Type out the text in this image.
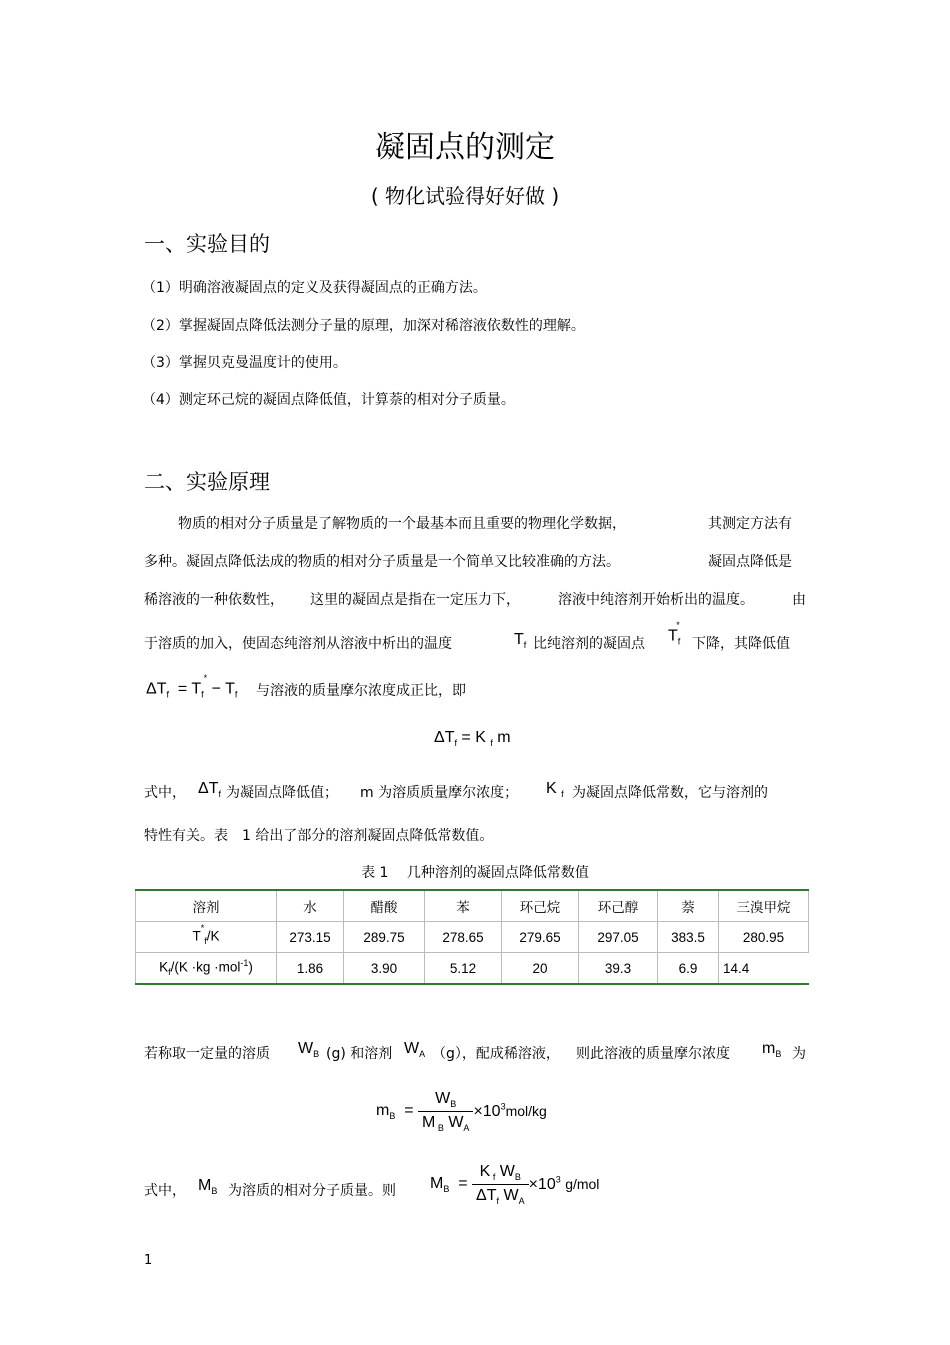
凝固点的测定
( 物化试验得好好做 )
一、实验目的
（1）明确溶液凝固点的定义及获得凝固点的正确方法。
（2）掌握凝固点降低法测分子量的原理，加深对稀溶液依数性的理解。
（3）掌握贝克曼温度计的使用。
（4）测定环己烷的凝固点降低值，计算萘的相对分子质量。
二、实验原理
物质的相对分子质量是了解物质的一个最基本而且重要的物理化学数据，	其测定方法有
多种。凝固点降低法成的物质的相对分子质量是一个简单又比较准确的方法。	凝固点降低是
稀溶液的一种依数性， 这里的凝固点是指在一定压力下，	溶液中纯溶剂开始析出的温度。	由
于溶质的加入，使固态纯溶剂从溶液中析出的温度	$T_f$ 比纯溶剂的凝固点 $T_f^*$
下降，其降低值
$\Delta T_f = T_f^* - T_f$ 与溶液的质量摩尔浓度成正比，即
$\Delta T_f = K$ $_f$ m
式中， $\Delta T_f$ 为凝固点降低值； m 为溶质质量摩尔浓度； K $_f$ 为凝固点降低常数，它与溶剂的
特性有关。表　1 给出了部分的溶剂凝固点降低常数值。
表 1　 几种溶剂的凝固点降低常数值
溶剂	水	醋酸	苯	环己烷	环己醇	萘	三溴甲烷
$T^*_f/K$	273.15	289.75	278.65	279.65	297.05	383.5	280.95
$K_f/(K \cdot kg \cdot mol^{-1})$	1.86	3.90	5.12	20	39.3	6.9	14.4
若称取一定量的溶质 $W_B$ (g) 和溶剂 $W_A$ （g），配成稀溶液， 则此溶液的质量摩尔浓度 $m_B$ 为
$m_B = \frac{W_B}{M _B W_A} \times 10^3mol/kg$
式中， $M_B$ 为溶质的相对分子质量。则 $M_B = \frac{K _f W_B}{\Delta T_f W_A} \times 10^3$ g/mol
1
